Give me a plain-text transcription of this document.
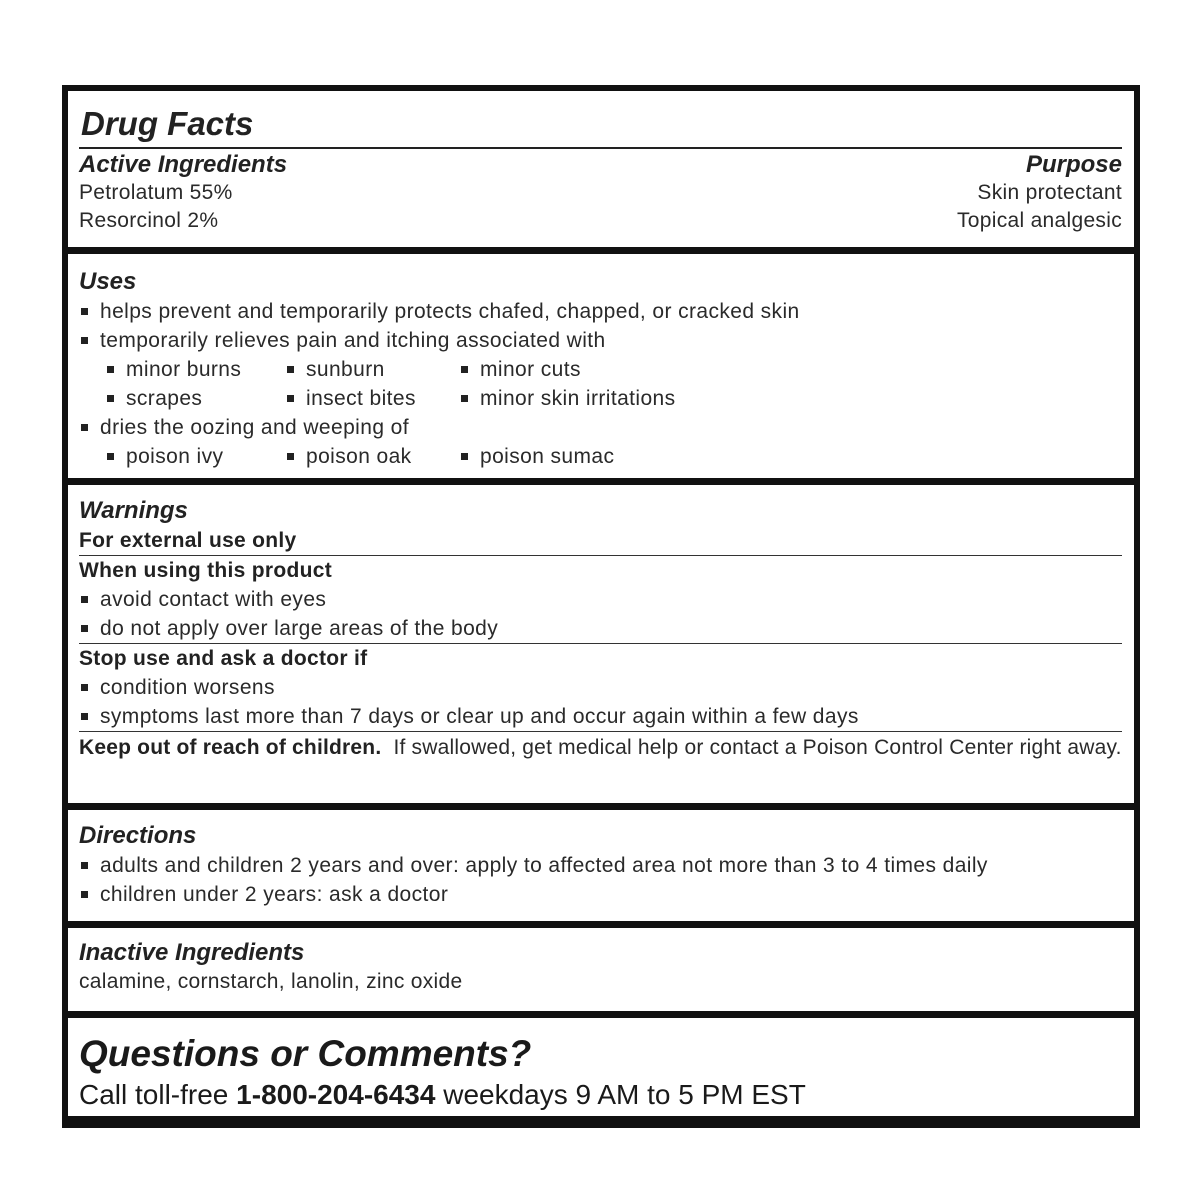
Drug Facts
Active Ingredients	Purpose
Petrolatum 55%	Skin protectant
Resorcinol 2%	Topical analgesic
Uses
helps prevent and temporarily protects chafed, chapped, or cracked skin
temporarily relieves pain and itching associated with
minor burns	sunburn	minor cuts
scrapes	insect bites	minor skin irritations
dries the oozing and weeping of
poison ivy	poison oak	poison sumac
Warnings
For external use only
When using this product
avoid contact with eyes
do not apply over large areas of the body
Stop use and ask a doctor if
condition worsens
symptoms last more than 7 days or clear up and occur again within a few days
Keep out of reach of children. If swallowed, get medical help or contact a Poison Control Center right away.
Directions
adults and children 2 years and over: apply to affected area not more than 3 to 4 times daily
children under 2 years: ask a doctor
Inactive Ingredients
calamine, cornstarch, lanolin, zinc oxide
Questions or Comments?
Call toll-free 1-800-204-6434 weekdays 9 AM to 5 PM EST
